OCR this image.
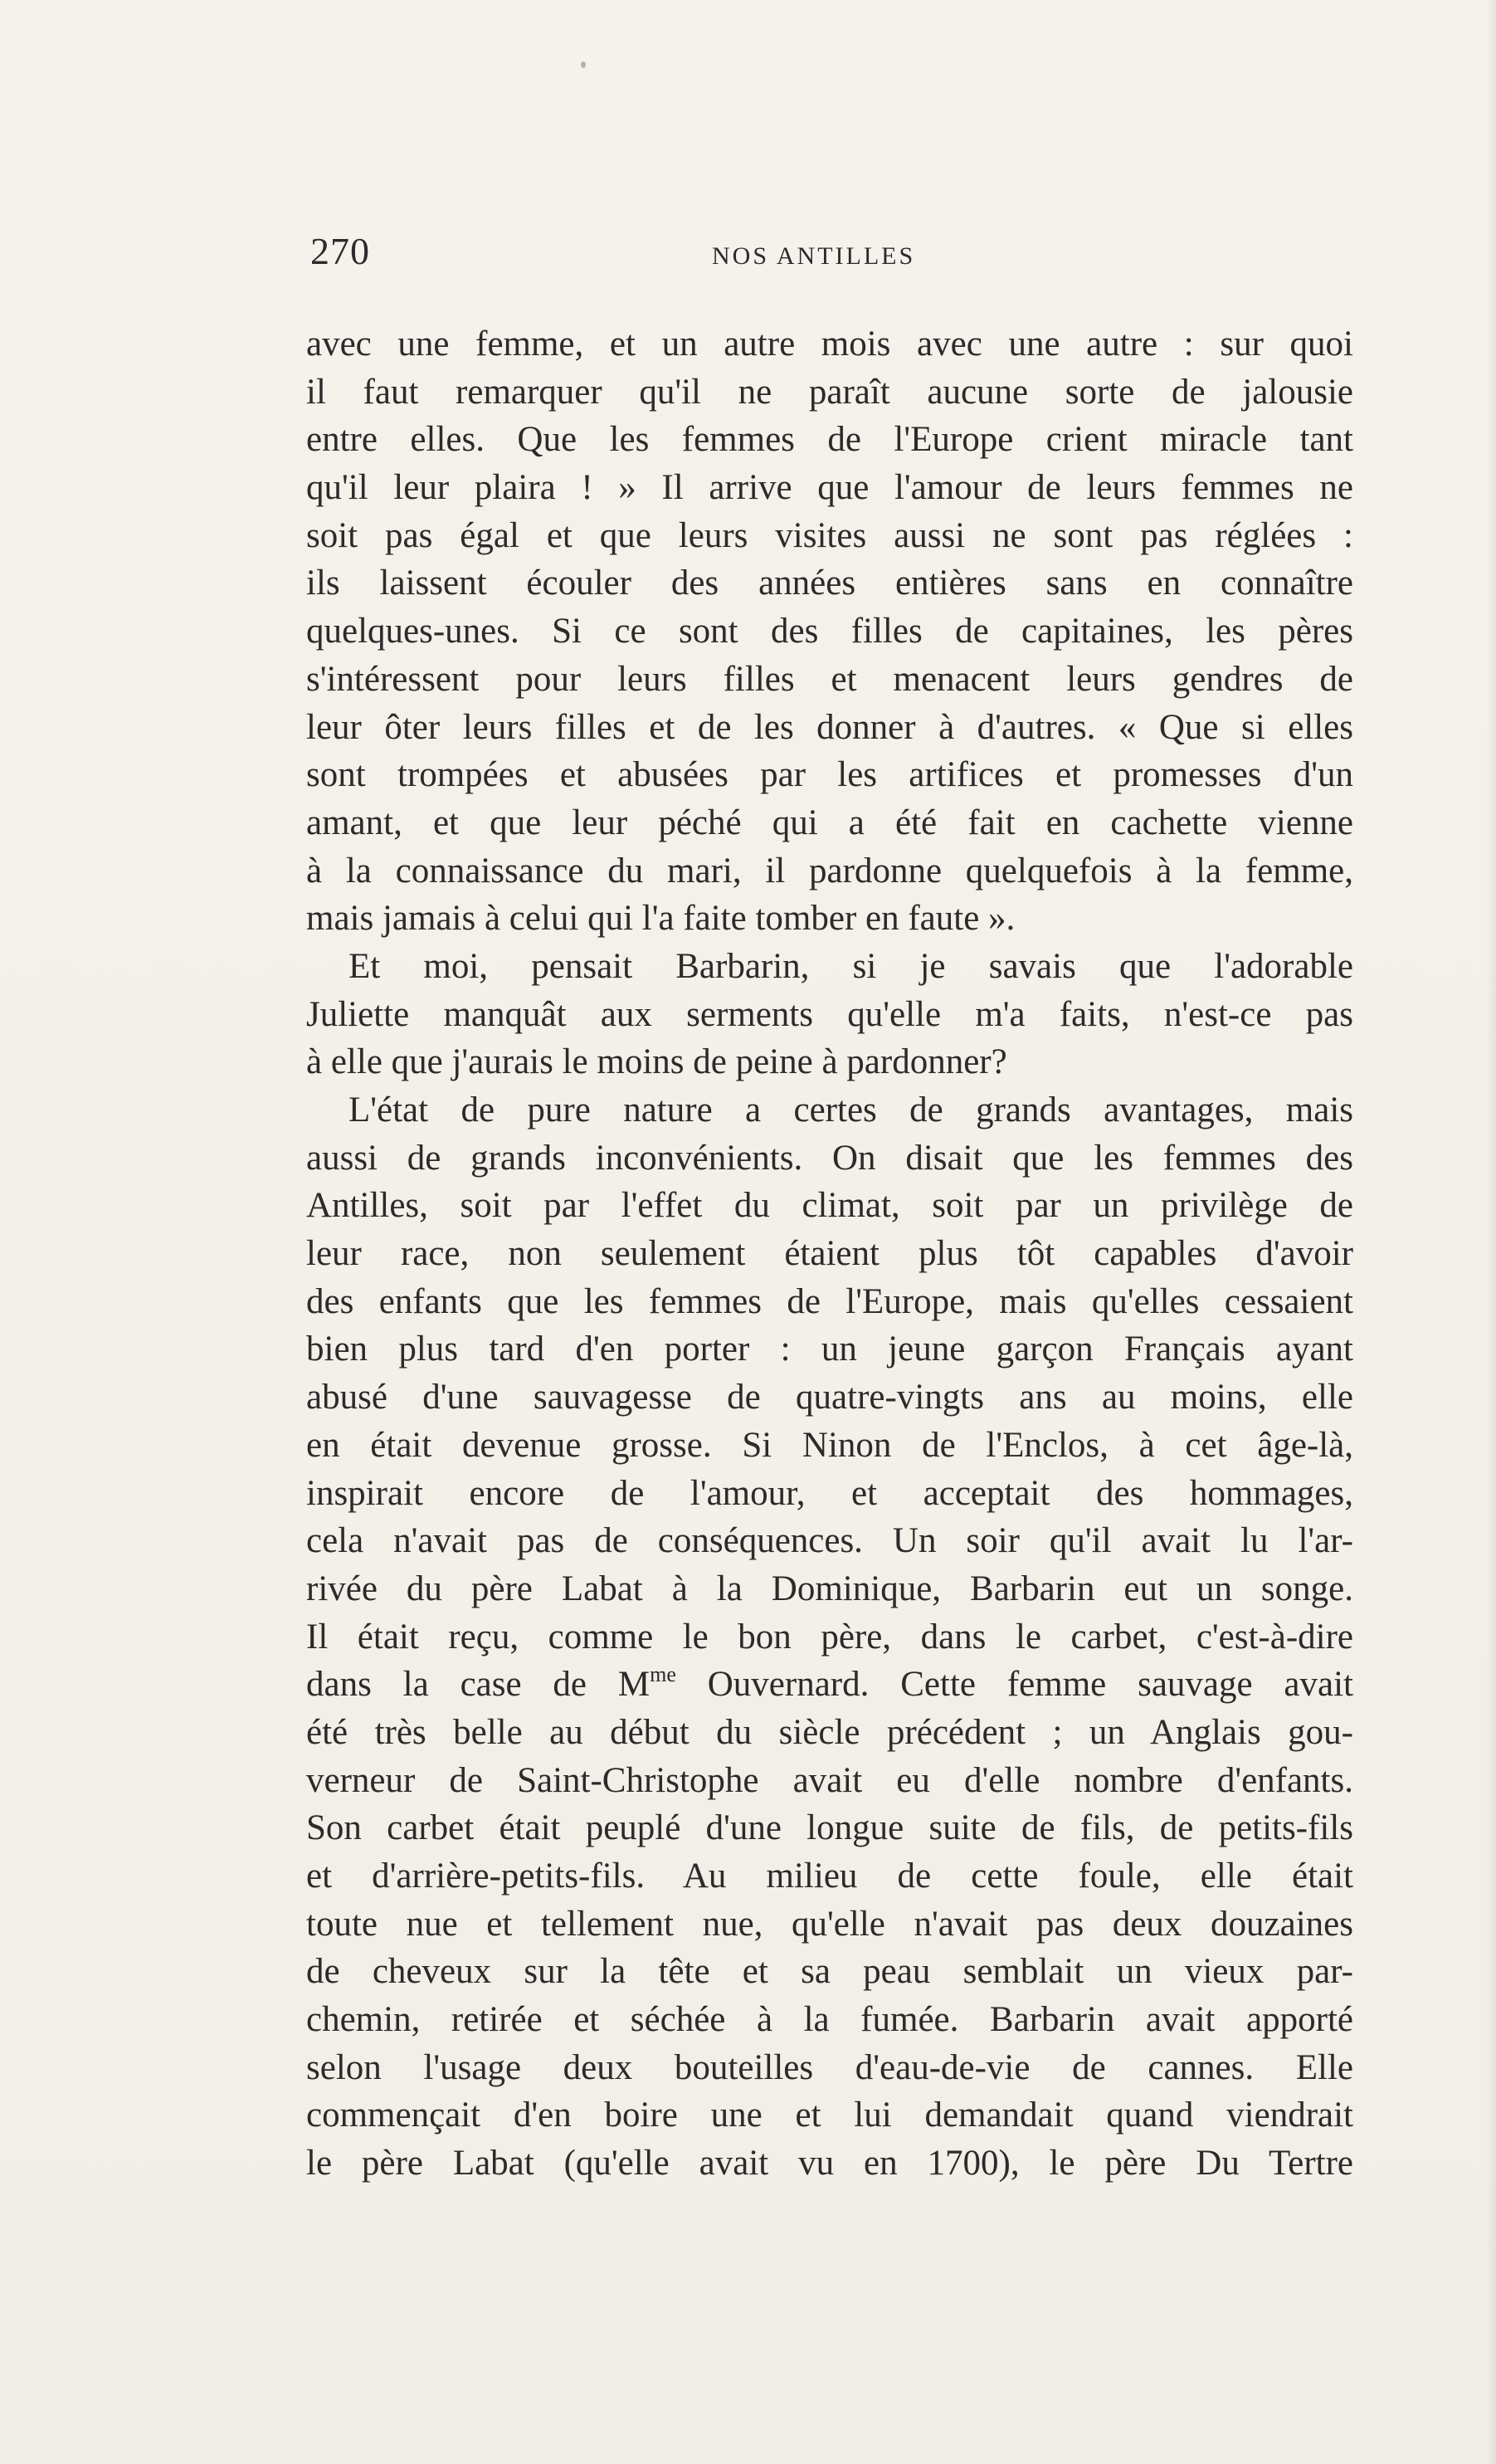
270	NOS ANTILLES
avec une femme, et un autre mois avec une autre : sur quoi
il faut remarquer qu'il ne paraît aucune sorte de jalousie
entre elles. Que les femmes de l'Europe crient miracle tant
qu'il leur plaira ! » Il arrive que l'amour de leurs femmes ne
soit pas égal et que leurs visites aussi ne sont pas réglées :
ils laissent écouler des années entières sans en connaître
quelques-unes. Si ce sont des filles de capitaines, les pères
s'intéressent pour leurs filles et menacent leurs gendres de
leur ôter leurs filles et de les donner à d'autres. « Que si elles
sont trompées et abusées par les artifices et promesses d'un
amant, et que leur péché qui a été fait en cachette vienne
à la connaissance du mari, il pardonne quelquefois à la femme,
mais jamais à celui qui l'a faite tomber en faute ».
Et moi, pensait Barbarin, si je savais que l'adorable
Juliette manquât aux serments qu'elle m'a faits, n'est-ce pas
à elle que j'aurais le moins de peine à pardonner?
L'état de pure nature a certes de grands avantages, mais
aussi de grands inconvénients. On disait que les femmes des
Antilles, soit par l'effet du climat, soit par un privilège de
leur race, non seulement étaient plus tôt capables d'avoir
des enfants que les femmes de l'Europe, mais qu'elles cessaient
bien plus tard d'en porter : un jeune garçon Français ayant
abusé d'une sauvagesse de quatre-vingts ans au moins, elle
en était devenue grosse. Si Ninon de l'Enclos, à cet âge-là,
inspirait encore de l'amour, et acceptait des hommages,
cela n'avait pas de conséquences. Un soir qu'il avait lu l'ar-
rivée du père Labat à la Dominique, Barbarin eut un songe.
Il était reçu, comme le bon père, dans le carbet, c'est-à-dire
dans la case de $M^{me}$ Ouvernard. Cette femme sauvage avait
été très belle au début du siècle précédent ; un Anglais gou-
verneur de Saint-Christophe avait eu d'elle nombre d'enfants.
Son carbet était peuplé d'une longue suite de fils, de petits-fils
et d'arrière-petits-fils. Au milieu de cette foule, elle était
toute nue et tellement nue, qu'elle n'avait pas deux douzaines
de cheveux sur la tête et sa peau semblait un vieux par-
chemin, retirée et séchée à la fumée. Barbarin avait apporté
selon l'usage deux bouteilles d'eau-de-vie de cannes. Elle
commençait d'en boire une et lui demandait quand viendrait
le père Labat (qu'elle avait vu en 1700), le père Du Tertre
